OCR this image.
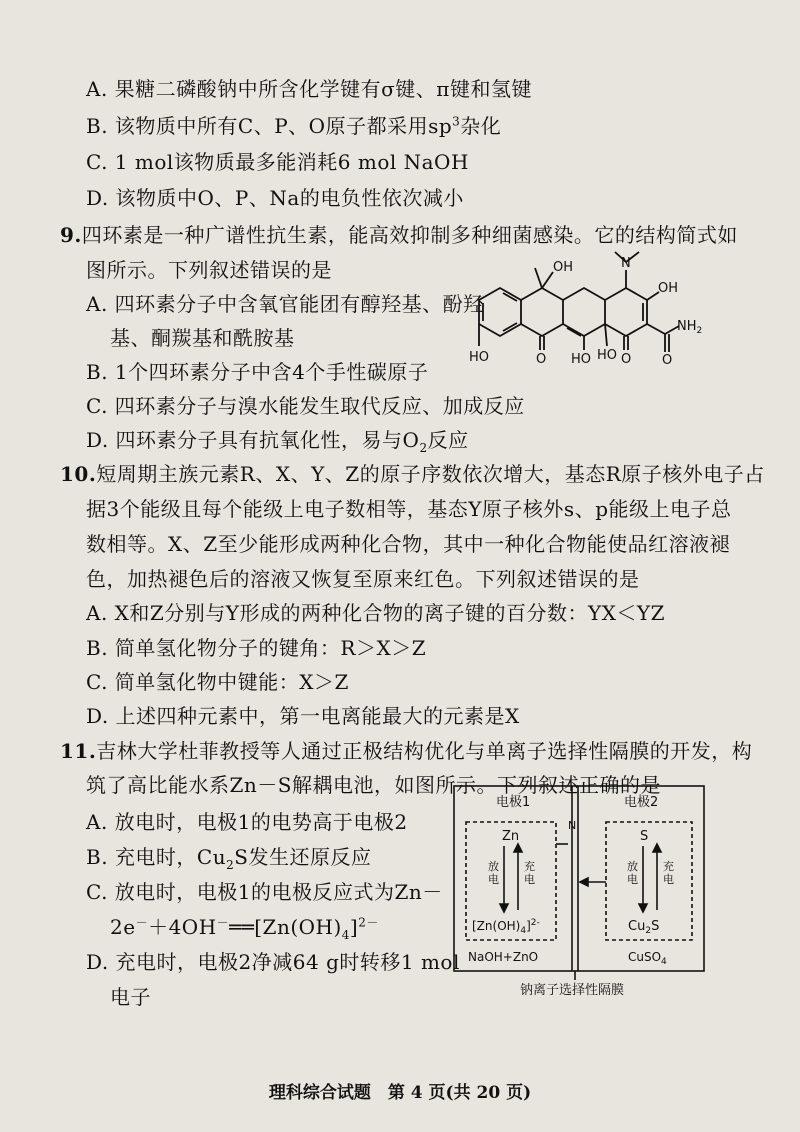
A. 果糖二磷酸钠中所含化学键有σ键、π键和氢键
B. 该物质中所有C、P、O原子都采用$sp^3$杂化
C. 1 mol该物质最多能消耗6 mol NaOH
D. 该物质中O、P、Na的电负性依次减小
9.四环素是一种广谱性抗生素，能高效抑制多种细菌感染。它的结构简式如
图所示。下列叙述错误的是
A. 四环素分子中含氧官能团有醇羟基、酚羟
基、酮羰基和酰胺基
B. 1个四环素分子中含4个手性碳原子
C. 四环素分子与溴水能发生取代反应、加成反应
D. 四环素分子具有抗氧化性，易与$O_2$反应
OH	N
OH
$NH_2$
HO	O HO HO O O
10.短周期主族元素R、X、Y、Z的原子序数依次增大，基态R原子核外电子占
据3个能级且每个能级上电子数相等，基态Y原子核外s、p能级上电子总
数相等。X、Z至少能形成两种化合物，其中一种化合物能使品红溶液褪
色，加热褪色后的溶液又恢复至原来红色。下列叙述错误的是
A. X和Z分别与Y形成的两种化合物的离子键的百分数：YX＜YZ
B. 简单氢化物分子的键角：R＞X＞Z
C. 简单氢化物中键能：X＞Z
D. 上述四种元素中，第一电离能最大的元素是X
11.吉林大学杜菲教授等人通过正极结构优化与单离子选择性隔膜的开发，构
筑了高比能水系Zn－S解耦电池，如图所示。下列叙述正确的是
A. 放电时，电极1的电势高于电极2
B. 充电时，$Cu_2S$发生还原反应
C. 放电时，电极1的电极反应式为Zn－
$2e^-+4OH^-══[Zn(OH)_4]^{2-}$
D. 充电时，电极2净减64 g时转移1 mol
电子
电极1	电极2
N
Zn	S
$[Zn(OH)_4]^{2-}$	$Cu_2S$
NaOH+ZnO	CuSO$_4$
钠离子选择性隔膜
放电
充电
放电
充电
理科综合试题　第 4 页(共 20 页)
